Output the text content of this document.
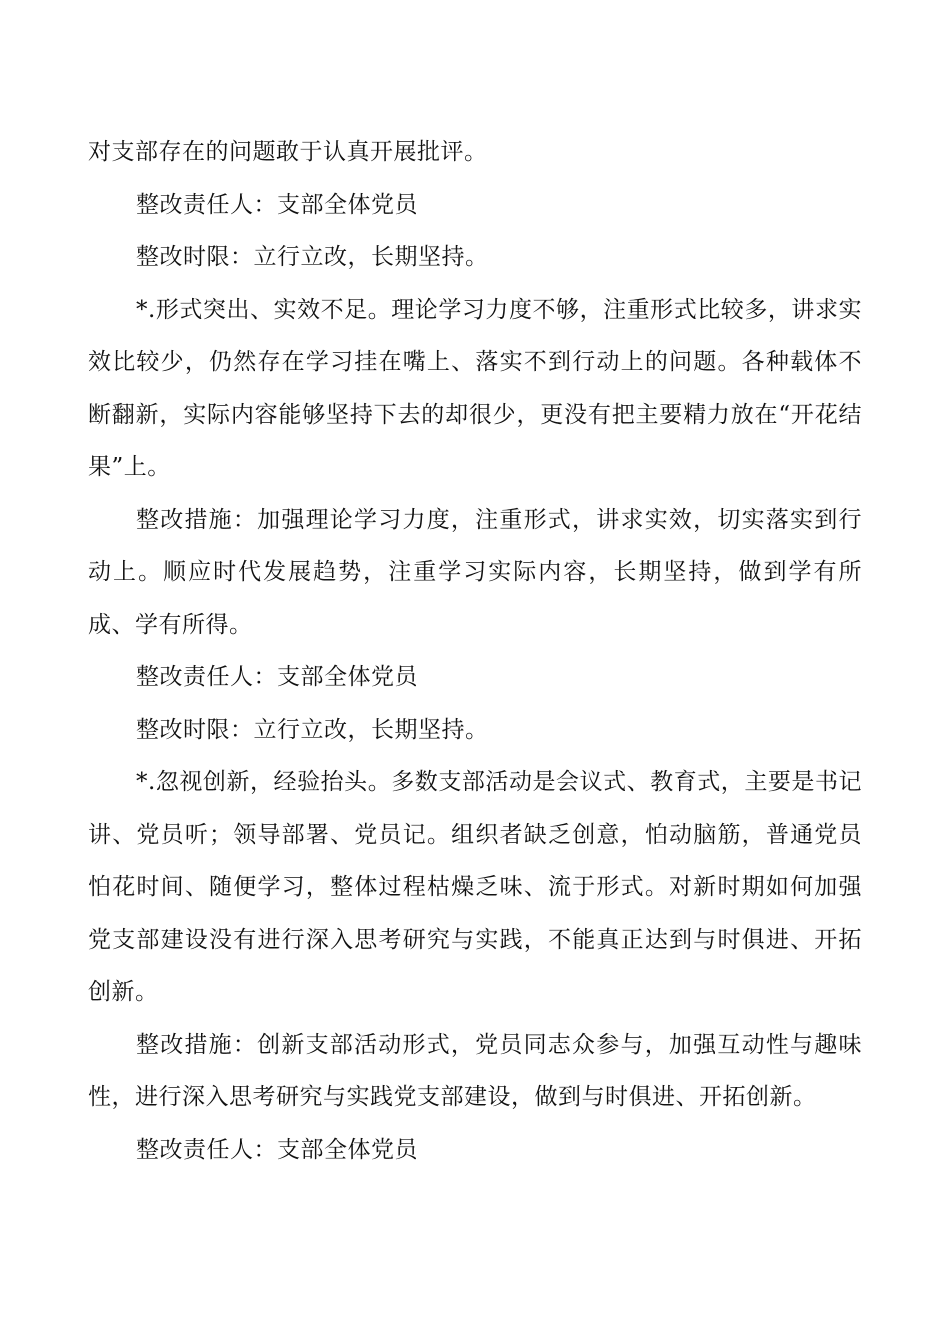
对支部存在的问题敢于认真开展批评。

整改责任人：支部全体党员

整改时限：立行立改，长期坚持。

*.形式突出、实效不足。理论学习力度不够，注重形式比较多，讲求实效比较少，仍然存在学习挂在嘴上、落实不到行动上的问题。各种载体不断翻新，实际内容能够坚持下去的却很少，更没有把主要精力放在“开花结果”上。

整改措施：加强理论学习力度，注重形式，讲求实效，切实落实到行动上。顺应时代发展趋势，注重学习实际内容，长期坚持，做到学有所成、学有所得。

整改责任人：支部全体党员

整改时限：立行立改，长期坚持。

*.忽视创新，经验抬头。多数支部活动是会议式、教育式，主要是书记讲、党员听；领导部署、党员记。组织者缺乏创意，怕动脑筋，普通党员怕花时间、随便学习，整体过程枯燥乏味、流于形式。对新时期如何加强党支部建设没有进行深入思考研究与实践，不能真正达到与时俱进、开拓创新。

整改措施：创新支部活动形式，党员同志众参与，加强互动性与趣味性，进行深入思考研究与实践党支部建设，做到与时俱进、开拓创新。

整改责任人：支部全体党员
